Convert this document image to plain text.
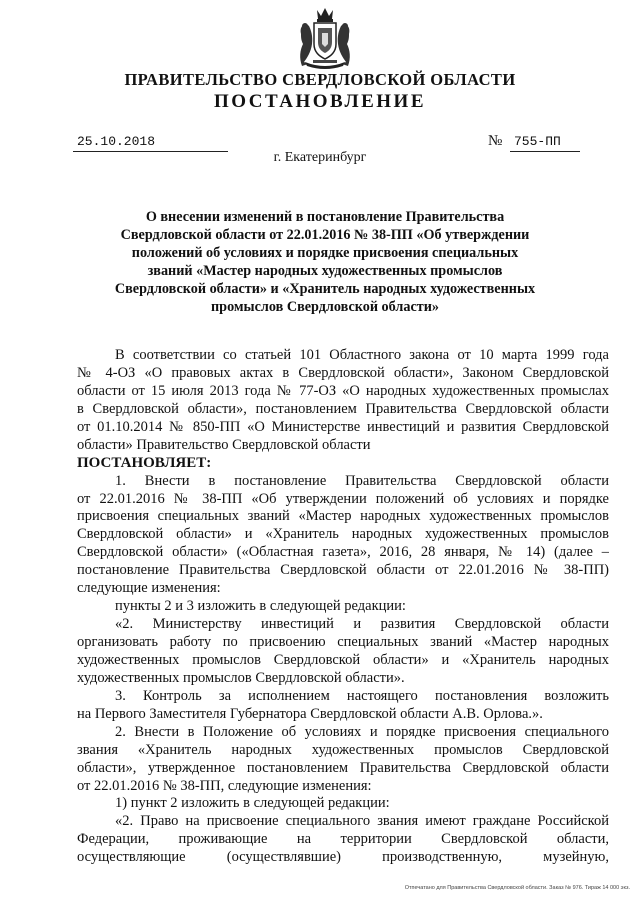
ПРАВИТЕЛЬСТВО СВЕРДЛОВСКОЙ ОБЛАСТИ
ПОСТАНОВЛЕНИЕ
25.10.2018	№ 755-ПП
г. Екатеринбург
О внесении изменений в постановление Правительства
Свердловской области от 22.01.2016 № 38-ПП «Об утверждении
положений об условиях и порядке присвоения специальных
званий «Мастер народных художественных промыслов
Свердловской области» и «Хранитель народных художественных
промыслов Свердловской области»
В соответствии со статьей 101 Областного закона от 10 марта 1999 года
№ 4-ОЗ «О правовых актах в Свердловской области», Законом Свердловской
области от 15 июля 2013 года № 77-ОЗ «О народных художественных промыслах
в Свердловской области», постановлением Правительства Свердловской области
от 01.10.2014 № 850-ПП «О Министерстве инвестиций и развития Свердловской
области» Правительство Свердловской области
ПОСТАНОВЛЯЕТ:
1. Внести в постановление Правительства Свердловской области
от 22.01.2016 № 38-ПП «Об утверждении положений об условиях и порядке
присвоения специальных званий «Мастер народных художественных промыслов
Свердловской области» и «Хранитель народных художественных промыслов
Свердловской области» («Областная газета», 2016, 28 января, № 14) (далее –
постановление Правительства Свердловской области от 22.01.2016 № 38-ПП)
следующие изменения:
пункты 2 и 3 изложить в следующей редакции:
«2. Министерству инвестиций и развития Свердловской области
организовать работу по присвоению специальных званий «Мастер народных
художественных промыслов Свердловской области» и «Хранитель народных
художественных промыслов Свердловской области».
3. Контроль за исполнением настоящего постановления возложить
на Первого Заместителя Губернатора Свердловской области А.В. Орлова.».
2. Внести в Положение об условиях и порядке присвоения специального
звания «Хранитель народных художественных промыслов Свердловской
области», утвержденное постановлением Правительства Свердловской области
от 22.01.2016 № 38-ПП, следующие изменения:
1) пункт 2 изложить в следующей редакции:
«2. Право на присвоение специального звания имеют граждане Российской
Федерации, проживающие на территории Свердловской области,
осуществляющие (осуществлявшие) производственную, музейную,
Отпечатано для Правительства Свердловской области. Заказ № 976. Тираж 14 000 экз.
